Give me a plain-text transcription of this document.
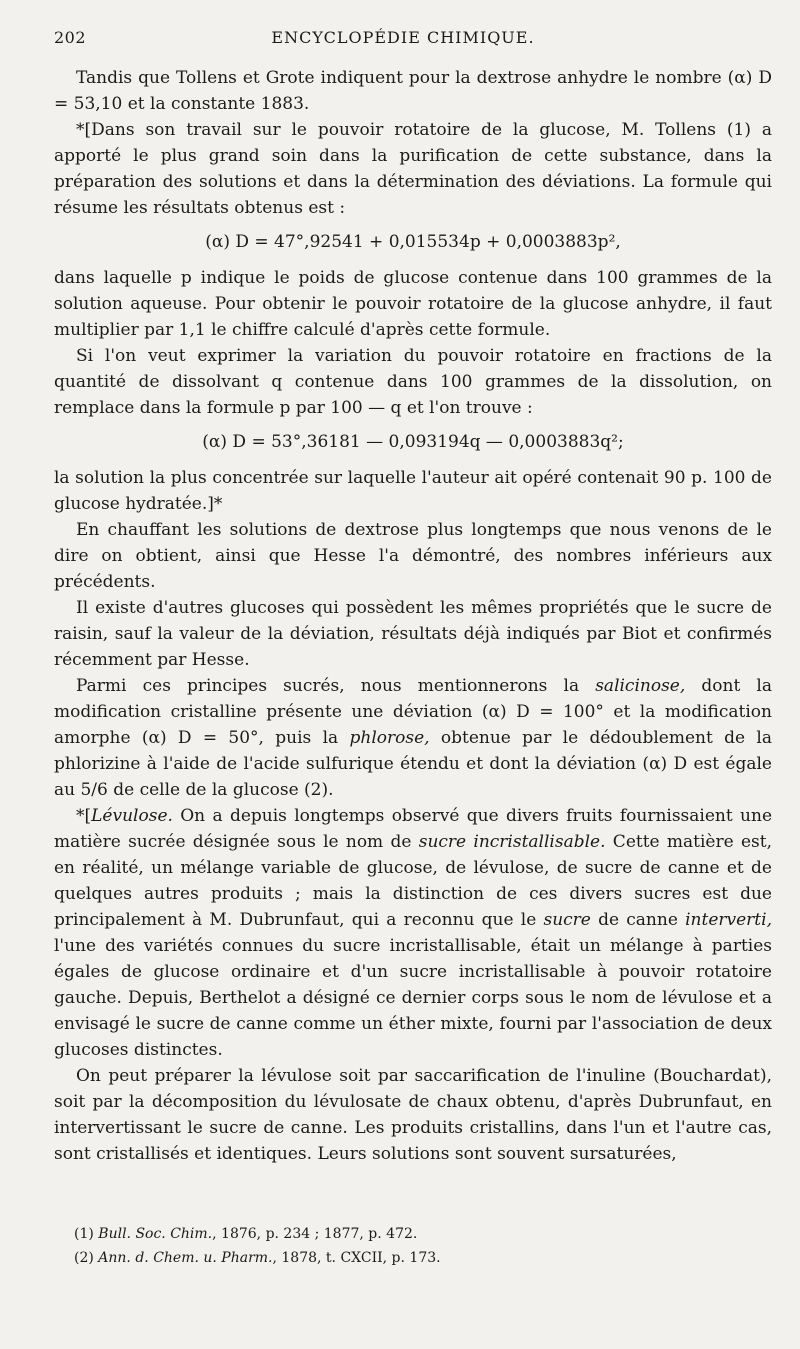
202	ENCYCLOPÉDIE CHIMIQUE.

Tandis que Tollens et Grote indiquent pour la dextrose anhydre le nombre (α) D = 53,10 et la constante 1883.

*[Dans son travail sur le pouvoir rotatoire de la glucose, M. Tollens (1) a apporté le plus grand soin dans la purification de cette substance, dans la préparation des solutions et dans la détermination des déviations. La formule qui résume les résultats obtenus est :

(α) D = 47°,92541 + 0,015534p + 0,0003883p²,

dans laquelle p indique le poids de glucose contenue dans 100 grammes de la solution aqueuse. Pour obtenir le pouvoir rotatoire de la glucose anhydre, il faut multiplier par 1,1 le chiffre calculé d'après cette formule.

Si l'on veut exprimer la variation du pouvoir rotatoire en fractions de la quantité de dissolvant q contenue dans 100 grammes de la dissolution, on remplace dans la formule p par 100 — q et l'on trouve :

(α) D = 53°,36181 — 0,093194q — 0,0003883q²;

la solution la plus concentrée sur laquelle l'auteur ait opéré contenait 90 p. 100 de glucose hydratée.]*

En chauffant les solutions de dextrose plus longtemps que nous venons de le dire on obtient, ainsi que Hesse l'a démontré, des nombres inférieurs aux précédents.

Il existe d'autres glucoses qui possèdent les mêmes propriétés que le sucre de raisin, sauf la valeur de la déviation, résultats déjà indiqués par Biot et confirmés récemment par Hesse.

Parmi ces principes sucrés, nous mentionnerons la salicinose, dont la modification cristalline présente une déviation (α) D = 100° et la modification amorphe (α) D = 50°, puis la phlorose, obtenue par le dédoublement de la phlorizine à l'aide de l'acide sulfurique étendu et dont la déviation (α) D est égale au 5/6 de celle de la glucose (2).

*[Lévulose. On a depuis longtemps observé que divers fruits fournissaient une matière sucrée désignée sous le nom de sucre incristallisable. Cette matière est, en réalité, un mélange variable de glucose, de lévulose, de sucre de canne et de quelques autres produits ; mais la distinction de ces divers sucres est due principalement à M. Dubrunfaut, qui a reconnu que le sucre de canne interverti, l'une des variétés connues du sucre incristallisable, était un mélange à parties égales de glucose ordinaire et d'un sucre incristallisable à pouvoir rotatoire gauche. Depuis, Berthelot a désigné ce dernier corps sous le nom de lévulose et a envisagé le sucre de canne comme un éther mixte, fourni par l'association de deux glucoses distinctes.

On peut préparer la lévulose soit par saccarification de l'inuline (Bouchardat), soit par la décomposition du lévulosate de chaux obtenu, d'après Dubrunfaut, en intervertissant le sucre de canne. Les produits cristallins, dans l'un et l'autre cas, sont cristallisés et identiques. Leurs solutions sont souvent sursaturées,

(1) Bull. Soc. Chim., 1876, p. 234 ; 1877, p. 472.
(2) Ann. d. Chem. u. Pharm., 1878, t. CXCII, p. 173.
